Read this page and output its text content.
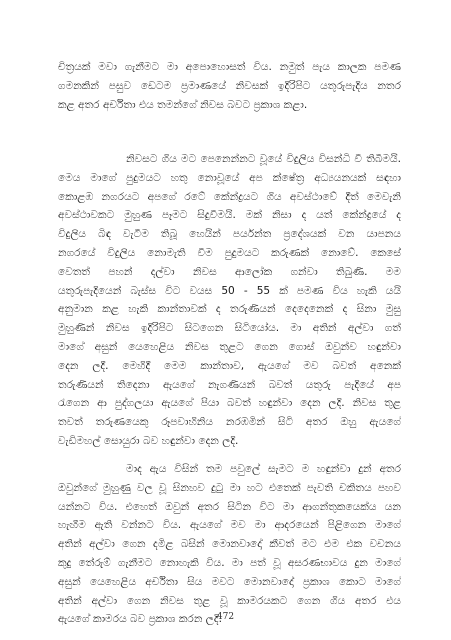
චිත්‍රයක් මවා ගැනීමට මා අපොහොසත් විය. නමුත් පැය කාලක පමණ
ගමනකින් පසුව ඩෙටම ප්‍රමාණයේ නිවසක් ඉදිරිපිට යතුරුපැදිය නතර
කළ අතර අර්චිතා එය තමන්ගේ නිවස බවට ප්‍රකාශ කළා.
නිවසට ගිය මට පෙනෙන්නට වූයේ විදුලිය විසන්ධි වී තිබීමයි.
මෙය මාගේ පුදුමයට හතු නොවූයේ අප ක්ෂේත්‍ර අධ්‍යයනයක් සඳහා
කොළඹ නගරයට අපගේ රටේ කේන්ද්‍රයට ගිය අවස්ථාවේ දීත් මෙවැනි
අවස්ථාවකට මුහුණ පෑමට සිදුවීමයි. මක් නිසා ද යත් කේන්ද්‍රයේ ද
විදුලිය බිඳ වැටීම තිබූ හෙයින් පර්යන්ත ප්‍රදේශයක් වන යාපනය
නගරයේ විදුලිය නොමැති වීම පුදුමයට කරුණක් නොවේ. කෙසේ
වෙතත් පහන් දල්වා නිවස ආලෝක ගන්වා තිබුණි. මම
යතුරුපැදියෙන් බැස්ස විට වයස 50 - 55 ක් පමණ විය හැකි යයි
අනුමාන කළ හැකි කාන්තාවක් ද තරුණියන් දෙදෙනෙක් ද සිනා මුසු
මුහුණින් නිවස ඉදිරිපිට සිටගෙන සිටියෝය. මා අතින් අල්වා ගත්
මාගේ අසුන් යෙහෙළිය නිවස තුළට ගෙන ගොස් ඔවුන්ව හඳුන්වා
දෙන ලදී. මෙහිදී මෙම කාන්තාව, ඇයගේ මව බවත් අනෙක්
තරුණියන් තිදෙනා ඇයගේ නැගණියන් බවත් යතුරු පැදියේ අප
රැගෙන ආ පුද්ගලයා ඇයගේ පියා බවත් හඳුන්වා දෙන ලදි. නිවස තුළ
තවත් තරුණයෙකු රූපවාහිනිය නරඹමින් සිටි අතර ඔහු ඇයගේ
වැඩිමහල් සොයුරා බව හඳුන්වා දෙන ලදි.
මාද ඇය විසින් තම පවුලේ සැමට ම හඳුන්වා දුන් අතර
ඔවුන්ගේ මුහුණු වල වූ සිනහව දුටු මා හට එතෙක් පැවති චකිතය පහව
යන්නට විය. එහෙත් ඔවුන් අතර සිටින විට මා ආගන්තුකයෙක්ය යන
හැඟීම ඇති වන්නට විය. ඇයගේ මව මා ආදරයෙන් පිළිගෙන මාගේ
අතින් අල්වා ගෙන දමිළ බසින් මොනවාදෝ කීවත් මට එම එක වචනය
කුදු තේරුම් ගැනීමට නොහැකි විය. මා පත් වූ අසරණභාවය දුන මාගේ
අසුන් යෙහෙළිය අර්චිතා සිය මවට මොනවාදෝ ප්‍රකාශ කොට මාගේ
අතින් අල්වා ගෙන නිවස තුළ වූ කාමරයකට ගෙන ගිය අතර එය
ඇයගේ කාමරය බව ප්‍රකාශ කරන ලදි.
472
